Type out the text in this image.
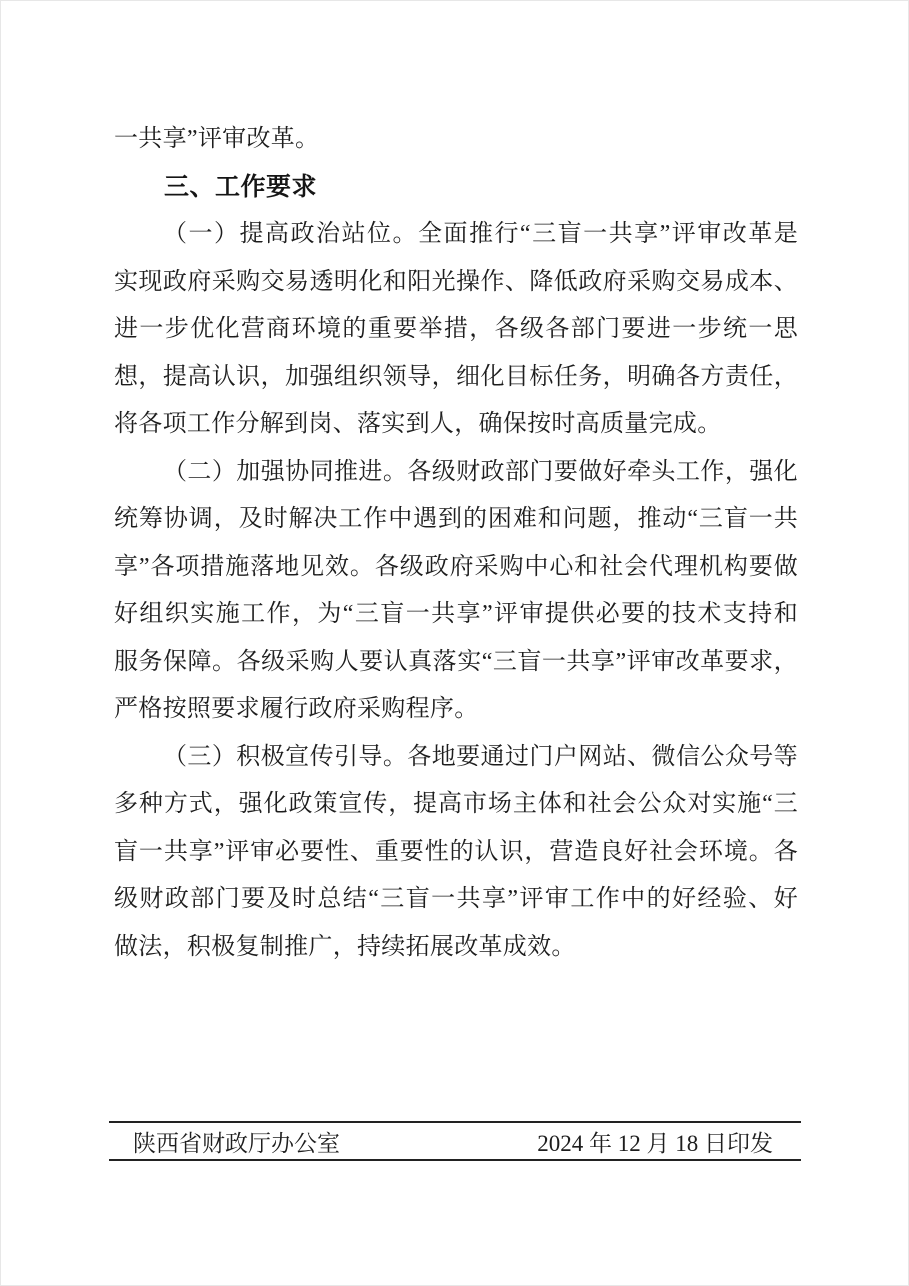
一共享”评审改革。
三、工作要求
（一）提高政治站位。全面推行“三盲一共享”评审改革是
实现政府采购交易透明化和阳光操作、降低政府采购交易成本、
进一步优化营商环境的重要举措，各级各部门要进一步统一思
想，提高认识，加强组织领导，细化目标任务，明确各方责任，
将各项工作分解到岗、落实到人，确保按时高质量完成。
（二）加强协同推进。各级财政部门要做好牵头工作，强化
统筹协调，及时解决工作中遇到的困难和问题，推动“三盲一共
享”各项措施落地见效。各级政府采购中心和社会代理机构要做
好组织实施工作，为“三盲一共享”评审提供必要的技术支持和
服务保障。各级采购人要认真落实“三盲一共享”评审改革要求，
严格按照要求履行政府采购程序。
（三）积极宣传引导。各地要通过门户网站、微信公众号等
多种方式，强化政策宣传，提高市场主体和社会公众对实施“三
盲一共享”评审必要性、重要性的认识，营造良好社会环境。各
级财政部门要及时总结“三盲一共享”评审工作中的好经验、好
做法，积极复制推广，持续拓展改革成效。
陕西省财政厅办公室	2024 年 12 月 18 日印发
